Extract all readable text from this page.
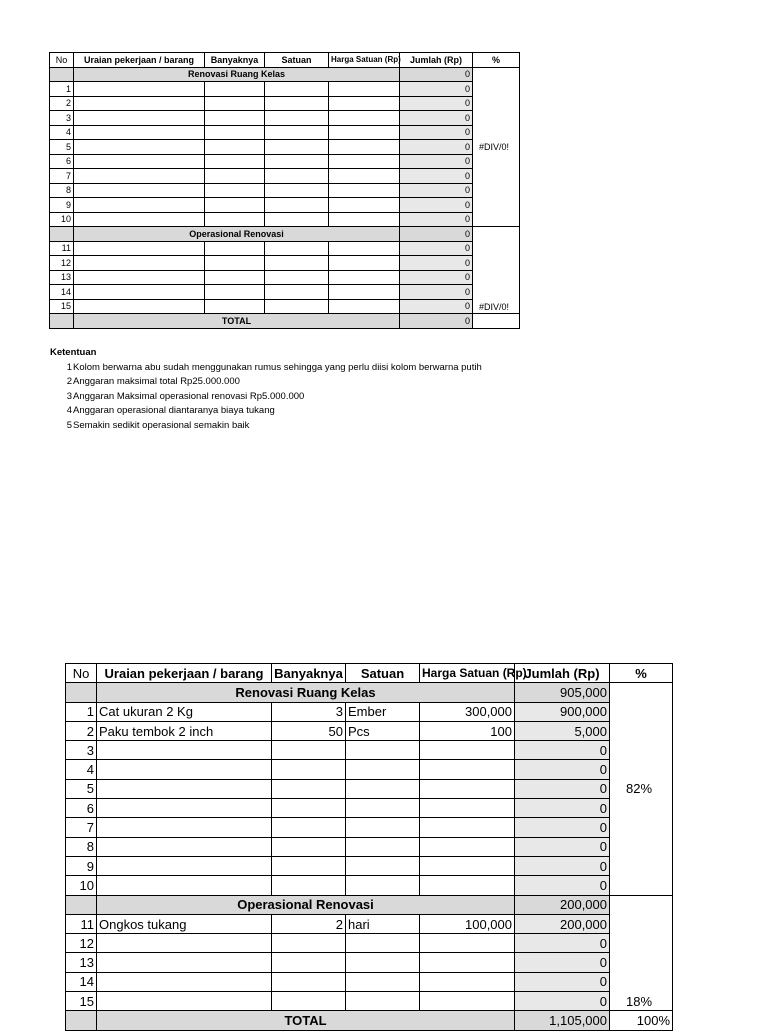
No	Uraian pekerjaan / barang	Banyaknya	Satuan	Harga Satuan (Rp)	Jumlah (Rp)	%
	Renovasi Ruang Kelas				0	#DIV/0!
1					0	
2					0	
3					0	
4					0	
5					0	
6					0	
7					0	
8					0	
9					0	
10					0	
	Operasional Renovasi				0	#DIV/0!
11					0	
12					0	
13					0	
14					0	
15					0	
	TOTAL				0	
Ketentuan
1 Kolom berwarna abu sudah menggunakan rumus sehingga yang perlu diisi kolom berwarna putih
2 Anggaran maksimal total Rp25.000.000
3 Anggaran Maksimal operasional renovasi Rp5.000.000
4 Anggaran operasional diantaranya biaya tukang
5 Semakin sedikit operasional semakin baik
No	Uraian pekerjaan / barang	Banyaknya	Satuan	Harga Satuan (Rp)	Jumlah (Rp)	%
	Renovasi Ruang Kelas				905,000	82%
1	Cat ukuran 2 Kg	3	Ember	300,000	900,000	
2	Paku tembok 2 inch	50	Pcs	100	5,000	
3					0	
4					0	
5					0	
6					0	
7					0	
8					0	
9					0	
10					0	
	Operasional Renovasi				200,000	18%
11	Ongkos tukang	2	hari	100,000	200,000	
12					0	
13					0	
14					0	
15					0	
	TOTAL				1,105,000	100%
